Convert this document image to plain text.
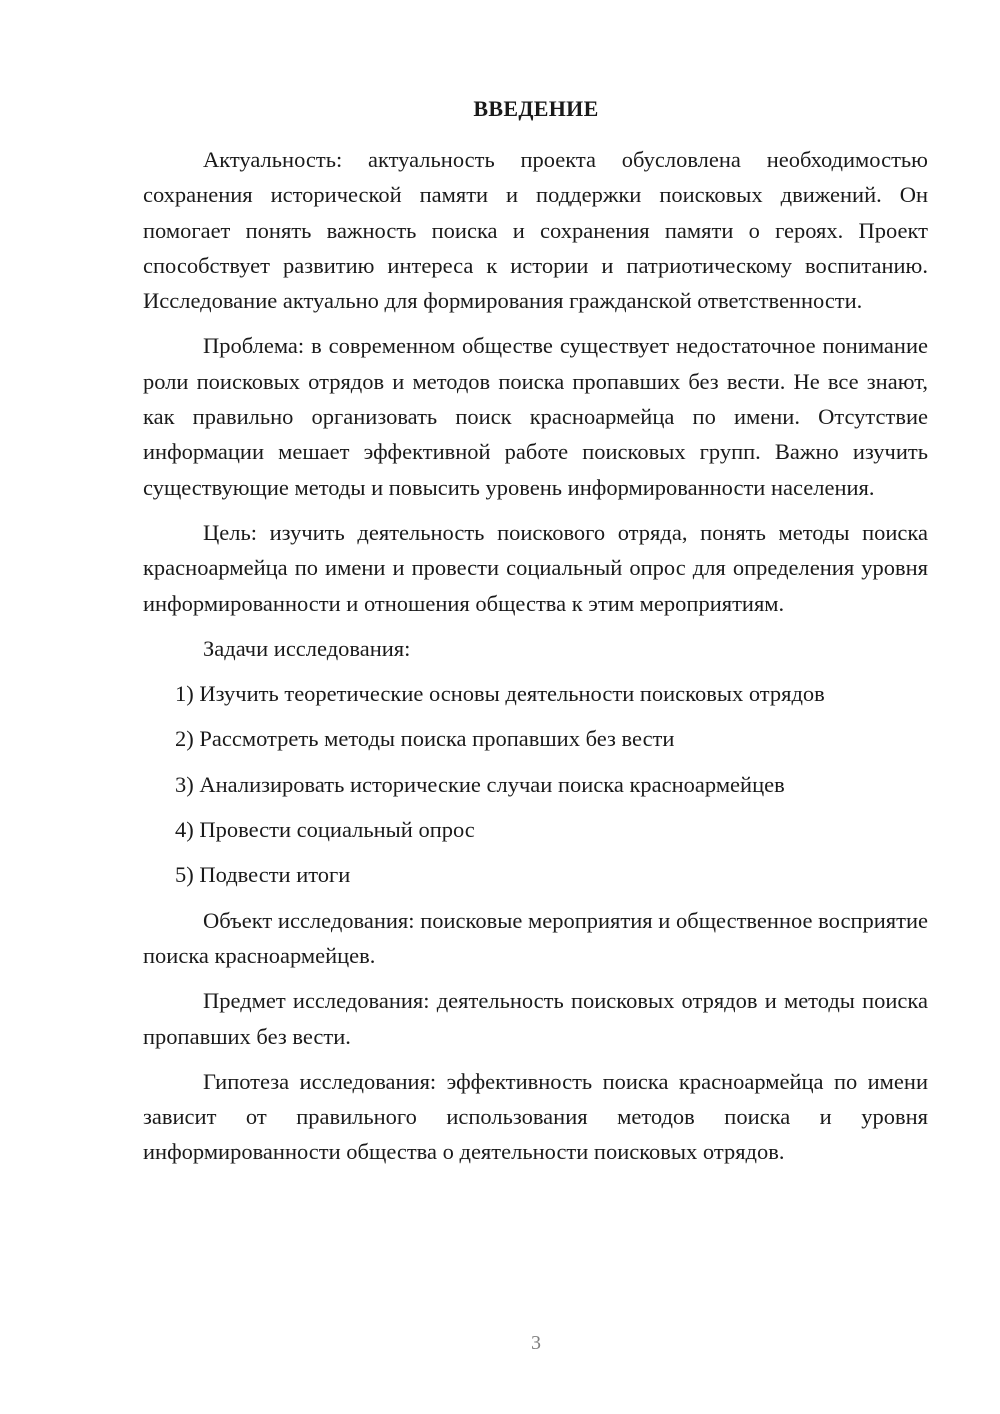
ВВЕДЕНИЕ

Актуальность: актуальность проекта обусловлена необходимостью сохранения исторической памяти и поддержки поисковых движений. Он помогает понять важность поиска и сохранения памяти о героях. Проект способствует развитию интереса к истории и патриотическому воспитанию. Исследование актуально для формирования гражданской ответственности.

Проблема: в современном обществе существует недостаточное понимание роли поисковых отрядов и методов поиска пропавших без вести. Не все знают, как правильно организовать поиск красноармейца по имени. Отсутствие информации мешает эффективной работе поисковых групп. Важно изучить существующие методы и повысить уровень информированности населения.

Цель: изучить деятельность поискового отряда, понять методы поиска красноармейца по имени и провести социальный опрос для определения уровня информированности и отношения общества к этим мероприятиям.

Задачи исследования:

1) Изучить теоретические основы деятельности поисковых отрядов

2) Рассмотреть методы поиска пропавших без вести

3) Анализировать исторические случаи поиска красноармейцев

4) Провести социальный опрос

5) Подвести итоги

Объект исследования: поисковые мероприятия и общественное восприятие поиска красноармейцев.

Предмет исследования: деятельность поисковых отрядов и методы поиска пропавших без вести.

Гипотеза исследования: эффективность поиска красноармейца по имени зависит от правильного использования методов поиска и уровня информированности общества о деятельности поисковых отрядов.

3
